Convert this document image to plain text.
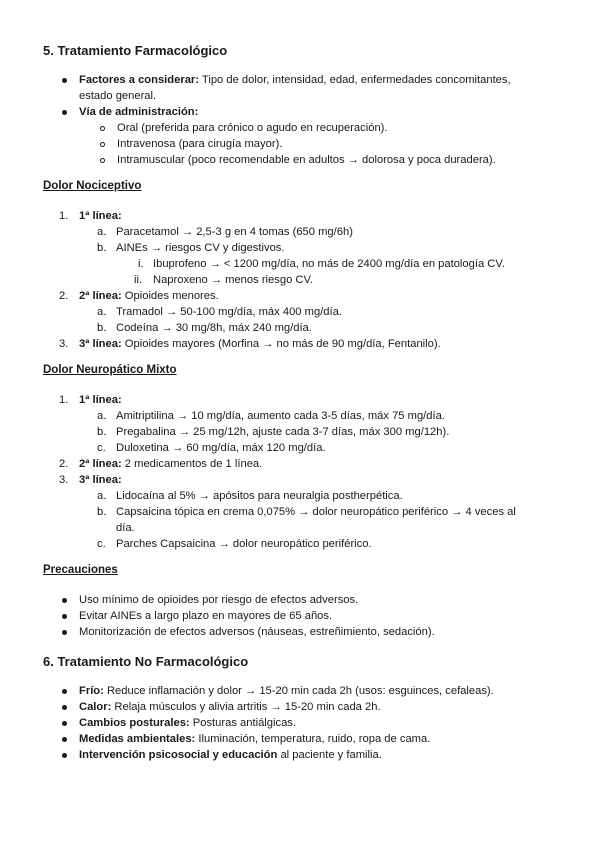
5. Tratamiento Farmacológico
Factores a considerar: Tipo de dolor, intensidad, edad, enfermedades concomitantes,
estado general.
Vía de administración:
Oral (preferida para crónico o agudo en recuperación).
Intravenosa (para cirugía mayor).
Intramuscular (poco recomendable en adultos → dolorosa y poca duradera).
Dolor Nociceptivo
1. 1ª línea:
a. Paracetamol → 2,5-3 g en 4 tomas (650 mg/6h)
b. AINEs → riesgos CV y digestivos.
i. Ibuprofeno → < 1200 mg/día, no más de 2400 mg/día en patología CV.
ii. Naproxeno → menos riesgo CV.
2. 2ª línea: Opioides menores.
a. Tramadol → 50-100 mg/día, máx 400 mg/día.
b. Codeína → 30 mg/8h, máx 240 mg/día.
3. 3ª línea: Opioides mayores (Morfina → no más de 90 mg/día, Fentanilo).
Dolor Neuropático Mixto
1. 1ª línea:
a. Amitriptilina → 10 mg/día, aumento cada 3-5 días, máx 75 mg/día.
b. Pregabalina → 25 mg/12h, ajuste cada 3-7 días, máx 300 mg/12h).
c. Duloxetina → 60 mg/día, máx 120 mg/día.
2. 2ª línea: 2 medicamentos de 1 línea.
3. 3ª línea:
a. Lidocaína al 5% → apósitos para neuralgia postherpética.
b. Capsaicina tópica en crema 0,075% → dolor neuropático periférico → 4 veces al
día.
c. Parches Capsaicina → dolor neuropático periférico.
Precauciones
Uso mínimo de opioides por riesgo de efectos adversos.
Evitar AINEs a largo plazo en mayores de 65 años.
Monitorización de efectos adversos (náuseas, estreñimiento, sedación).
6. Tratamiento No Farmacológico
Frío: Reduce inflamación y dolor → 15-20 min cada 2h (usos: esguinces, cefaleas).
Calor: Relaja músculos y alivia artritis → 15-20 min cada 2h.
Cambios posturales: Posturas antiálgicas.
Medidas ambientales: Iluminación, temperatura, ruido, ropa de cama.
Intervención psicosocial y educación al paciente y familia.
